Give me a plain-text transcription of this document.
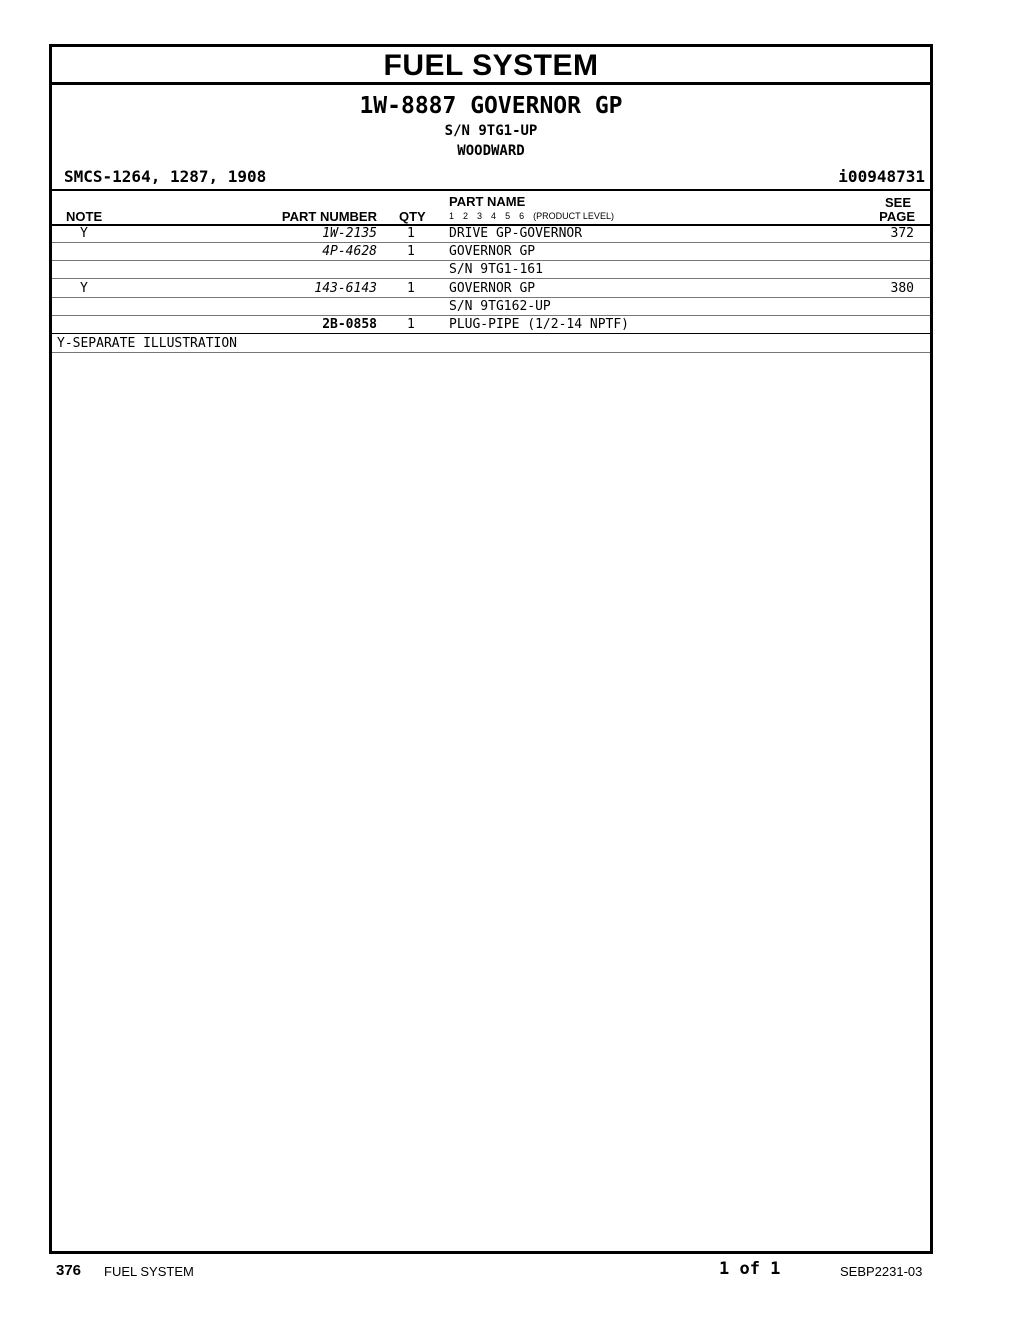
FUEL SYSTEM
1W-8887 GOVERNOR GP
S/N 9TG1-UP
WOODWARD
SMCS-1264, 1287, 1908	i00948731
PART NAME	SEE
NOTE	PART NUMBER QTY	PAGE
1 2 3 4 5 6 (PRODUCT LEVEL)
Y	1W-2135 1	DRIVE GP-GOVERNOR	372
4P-4628 1	GOVERNOR GP
S/N 9TG1-161
Y	143-6143 1	GOVERNOR GP	380
S/N 9TG162-UP
2B-0858 1	PLUG-PIPE (1/2-14 NPTF)
Y-SEPARATE ILLUSTRATION
376 FUEL SYSTEM	1 of 1	SEBP2231-03
